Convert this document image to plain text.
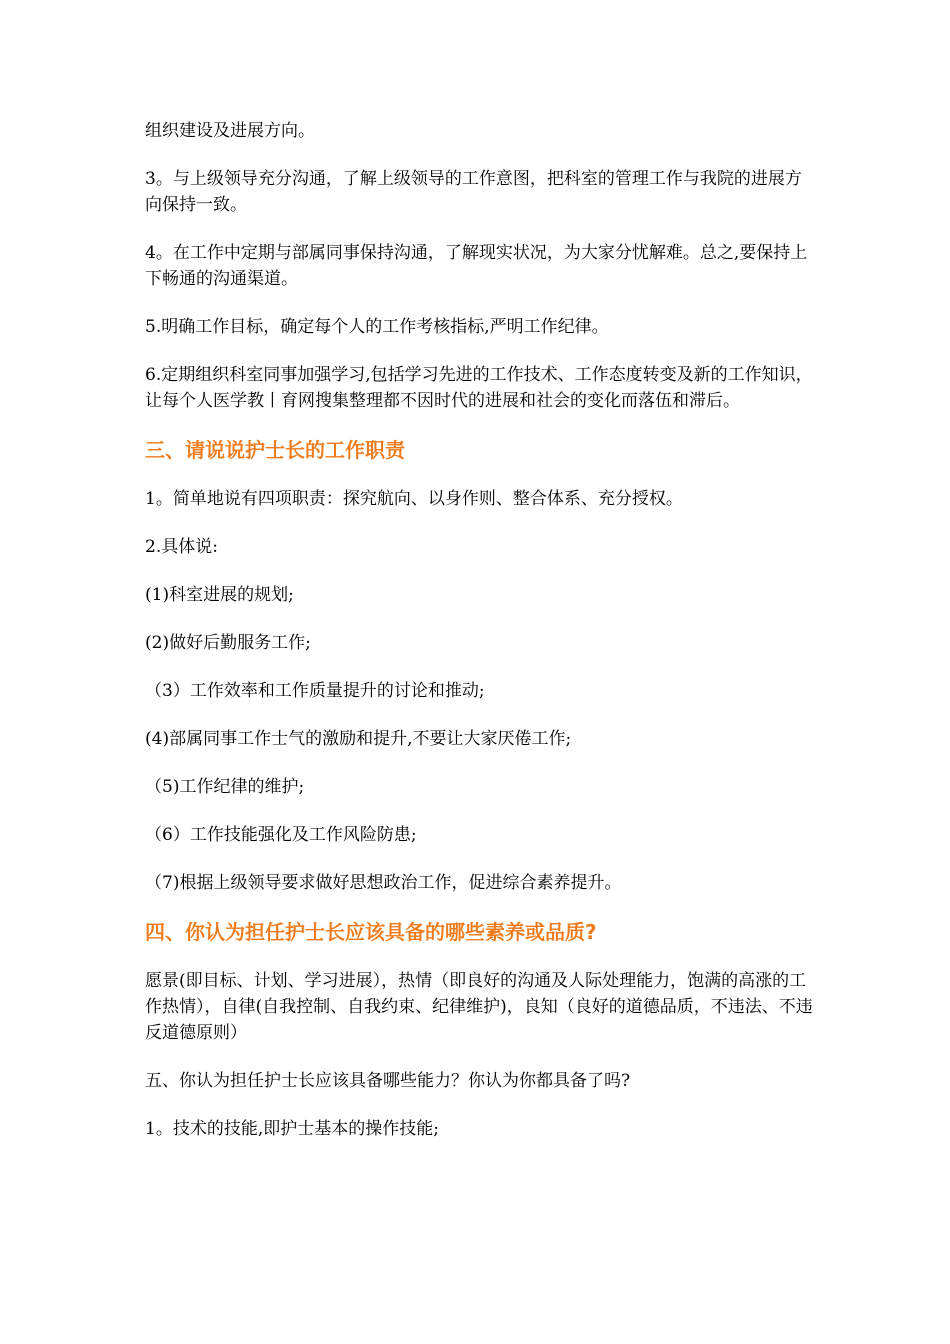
组织建设及进展方向。

3。与上级领导充分沟通，了解上级领导的工作意图，把科室的管理工作与我院的进展方向保持一致。

4。在工作中定期与部属同事保持沟通，了解现实状况，为大家分忧解难。总之,要保持上下畅通的沟通渠道。

5.明确工作目标，确定每个人的工作考核指标,严明工作纪律。

6.定期组织科室同事加强学习,包括学习先进的工作技术、工作态度转变及新的工作知识，让每个人医学教丨育网搜集整理都不因时代的进展和社会的变化而落伍和滞后。

三、请说说护士长的工作职责

1。简单地说有四项职责：探究航向、以身作则、整合体系、充分授权。

2.具体说:

(1)科室进展的规划;

(2)做好后勤服务工作;

（3）工作效率和工作质量提升的讨论和推动;

(4)部属同事工作士气的激励和提升,不要让大家厌倦工作;

（5)工作纪律的维护;

（6）工作技能强化及工作风险防患;

（7)根据上级领导要求做好思想政治工作，促进综合素养提升。

四、你认为担任护士长应该具备的哪些素养或品质?

愿景(即目标、计划、学习进展），热情（即良好的沟通及人际处理能力，饱满的高涨的工作热情），自律(自我控制、自我约束、纪律维护)，良知（良好的道德品质，不违法、不违反道德原则）

五、你认为担任护士长应该具备哪些能力？你认为你都具备了吗?

1。技术的技能,即护士基本的操作技能;
